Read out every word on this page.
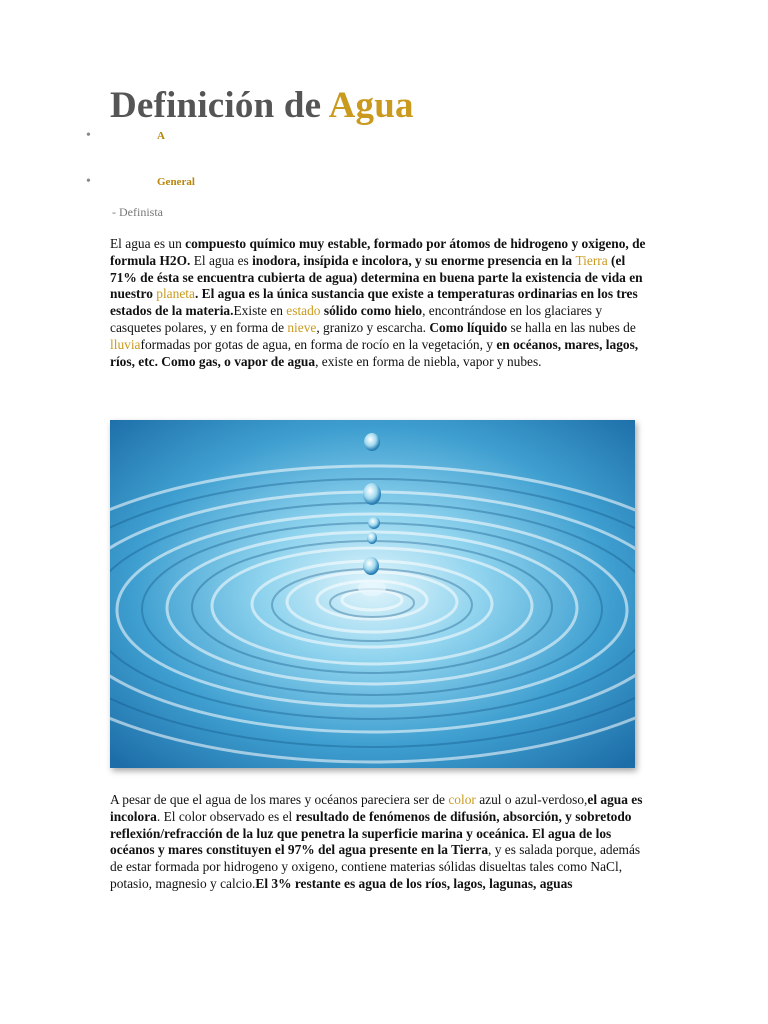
Definición de Agua
•	A
•	General
- Definista

El agua es un compuesto químico muy estable, formado por átomos de hidrogeno y oxigeno, de formula H2O. El agua es inodora, insípida e incolora, y su enorme presencia en la Tierra (el 71% de ésta se encuentra cubierta de agua) determina en buena parte la existencia de vida en nuestro planeta. El agua es la única sustancia que existe a temperaturas ordinarias en los tres estados de la materia.Existe en estado sólido como hielo, encontrándose en los glaciares y casquetes polares, y en forma de nieve, granizo y escarcha. Como líquido se halla en las nubes de lluviaformadas por gotas de agua, en forma de rocío en la vegetación, y en océanos, mares, lagos, ríos, etc. Como gas, o vapor de agua, existe en forma de niebla, vapor y nubes.

A pesar de que el agua de los mares y océanos pareciera ser de color azul o azul-verdoso,el agua es incolora. El color observado es el resultado de fenómenos de difusión, absorción, y sobretodo reflexión/refracción de la luz que penetra la superficie marina y oceánica. El agua de los océanos y mares constituyen el 97% del agua presente en la Tierra, y es salada porque, además de estar formada por hidrogeno y oxigeno, contiene materias sólidas disueltas tales como NaCl, potasio, magnesio y calcio.El 3% restante es agua de los ríos, lagos, lagunas, aguas
